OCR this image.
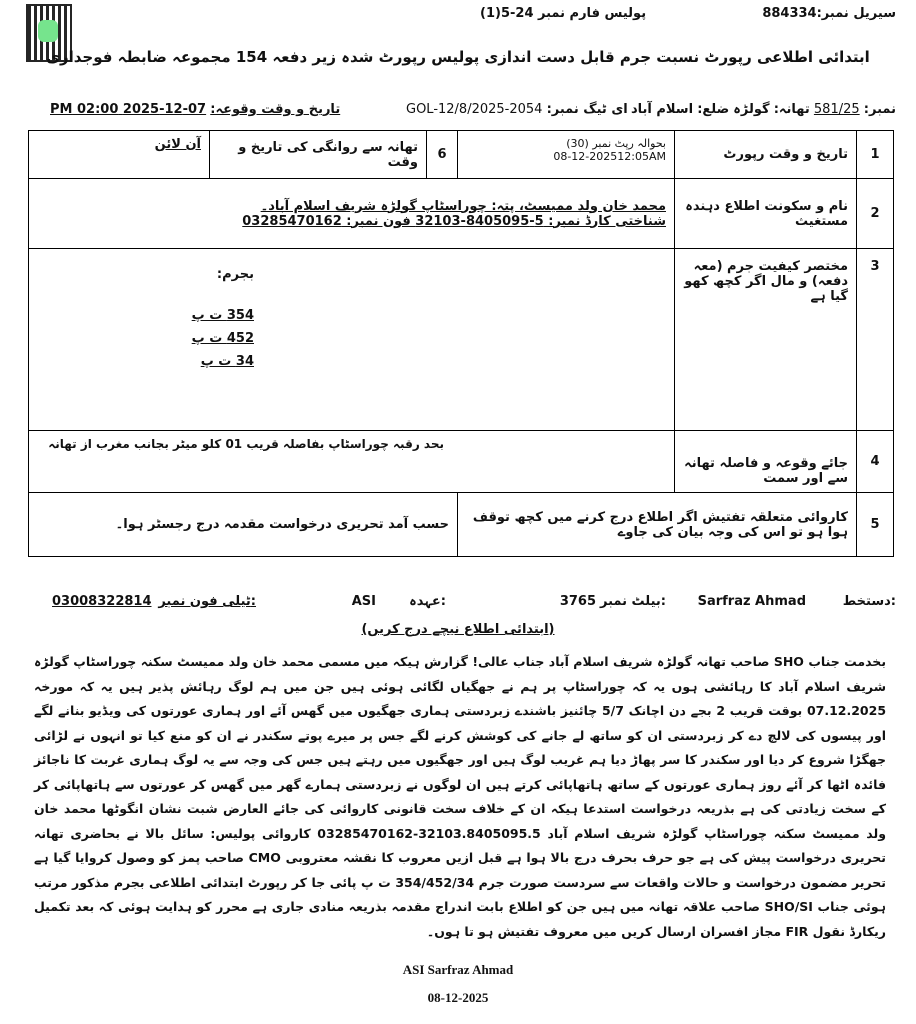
سیریل نمبر:884334
پولیس فارم نمبر 24-5(1)
ابتدائی اطلاعی رپورٹ نسبت جرم قابل دست اندازی پولیس رپورٹ شدہ زیر دفعہ 154 مجموعہ ضابطہ فوجداری
نمبر: 581/25 تھانہ: گولڑہ ضلع: اسلام آباد
ای ٹیگ نمبر: GOL-12/8/2025-2054
تاریخ و وقت وقوعہ: 07-12-2025 02:00 PM
1	تاریخ و وقت رپورٹ	بحوالہ رپٹ نمبر (30)
08-12-202512:05AM	6	تھانہ سے روانگی کی تاریخ و وقت	آن لائن
2	نام و سکونت اطلاع دہندہ مستغیث	محمد خان ولد ممیسٹ، پتہ: چوراسٹاپ گولڑہ شریف اسلام آباد۔
شناختی کارڈ نمبر: 5-8405095-32103 فون نمبر: 03285470162			

3	مختصر کیفیت جرم (معہ دفعہ) و مال اگر کچھ کھو گیا ہے	بجرم:
354 ت پ
452 ت پ
34 ت پ			

4	جائے وقوعہ و فاصلہ تھانہ سے اور سمت	بحد رقبہ چوراسٹاپ بفاصلہ قریب 01 کلو میٹر بجانب مغرب از تھانہ			
5	کاروائی متعلقہ تفتیش اگر اطلاع درج کرنے میں کچھ توقف ہوا ہو تو اس کی وجہ بیان کی جاوے		حسب آمد تحریری درخواست مقدمہ درج رجسٹر ہوا۔		
دستخط:
Sarfraz Ahmad
بیلٹ نمبر:
3765
عہدہ:
ASI
ٹیلی فون نمبر:
03008322814
(ابتدائی اطلاع نیچے درج کریں)
بخدمت جناب SHO صاحب تھانہ گولڑہ شریف اسلام آباد جناب عالی! گزارش ہیکہ میں مسمی محمد خان ولد ممیسٹ سکنہ چوراسٹاپ گولڑہ شریف اسلام آباد کا رہائشی ہوں یہ کہ چوراسٹاپ پر ہم نے جھگیاں لگائی ہوئی ہیں جن میں ہم لوگ رہائش پذیر ہیں یہ کہ مورخہ 07.12.2025 بوقت قریب 2 بجے دن اچانک 5/7 چائنیز باشندے زبردستی ہماری جھگیوں میں گھس آئے اور ہماری عورتوں کی ویڈیو بنانے لگے اور پیسوں کی لالچ دے کر زبردستی ان کو ساتھ لے جانے کی کوشش کرنے لگے جس پر میرے پوتے سکندر نے ان کو منع کیا تو انہوں نے لڑائی جھگڑا شروع کر دیا اور سکندر کا سر پھاڑ دیا ہم غریب لوگ ہیں اور جھگیوں میں رہتے ہیں جس کی وجہ سے یہ لوگ ہماری غربت کا ناجائز فائدہ اٹھا کر آئے روز ہماری عورتوں کے ساتھ ہاتھاپائی کرتے ہیں ان لوگوں نے زبردستی ہمارے گھر میں گھس کر عورتوں سے ہاتھاپائی کر کے سخت زیادتی کی ہے بذریعہ درخواست استدعا ہیکہ ان کے خلاف سخت قانونی کاروائی کی جائے العارض شبت نشان انگوٹھا محمد خان ولد ممیسٹ سکنہ چوراسٹاپ گولڑہ شریف اسلام آباد 32103.8405095.5-03285470162 کاروائی پولیس: سائل بالا نے بحاضری تھانہ تحریری درخواست پیش کی ہے جو حرف بحرف درج بالا ہوا ہے قبل ازیں معروب کا نقشہ معتروبی CMO صاحب پمز کو وصول کروایا گیا ہے تحریر مضمون درخواست و حالات واقعات سے سردست صورت جرم 354/452/34 ت پ پائی جا کر رپورٹ ابتدائی اطلاعی بجرم مذکور مرتب ہوئی جناب SHO/SI صاحب علاقہ تھانہ میں ہیں جن کو اطلاع بابت اندراج مقدمہ بذریعہ منادی جاری ہے محرر کو ہدایت ہوئی کہ بعد تکمیل ریکارڈ نقول FIR مجاز افسران ارسال کریں میں معروف تفتیش ہو تا ہوں۔
ASI Sarfraz Ahmad
08-12-2025
